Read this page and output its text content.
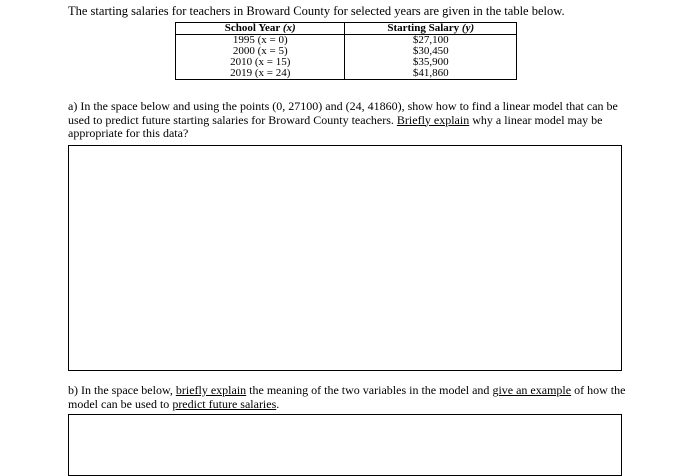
The starting salaries for teachers in Broward County for selected years are given in the table below.
School Year (x)	Starting Salary (y)
1995 (x = 0)	$27,100
2000 (x = 5)	$30,450
2010 (x = 15)	$35,900
2019 (x = 24)	$41,860
a) In the space below and using the points (0, 27100) and (24, 41860), show how to find a linear model that can be used to predict future starting salaries for Broward County teachers. Briefly explain why a linear model may be appropriate for this data?
b) In the space below, briefly explain the meaning of the two variables in the model and give an example of how the model can be used to predict future salaries.
